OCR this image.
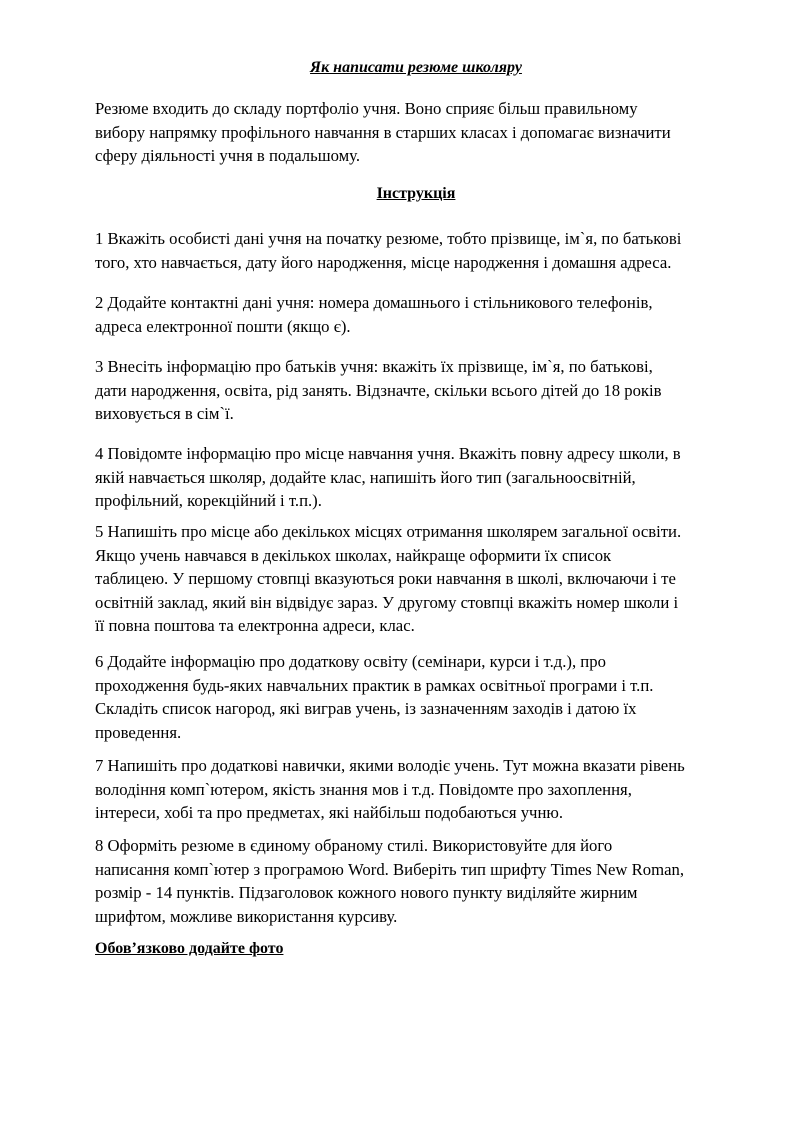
Як написати резюме школяру

Резюме входить до складу портфоліо учня. Воно сприяє більш правильному
вибору напрямку профільного навчання в старших класах і допомагає визначити
сферу діяльності учня в подальшому.

Інструкція

1 Вкажіть особисті дані учня на початку резюме, тобто прізвище, ім`я, по батькові
того, хто навчається, дату його народження, місце народження і домашня адреса.

2 Додайте контактні дані учня: номера домашнього і стільникового телефонів,
адреса електронної пошти (якщо є).

3 Внесіть інформацію про батьків учня: вкажіть їх прізвище, ім`я, по батькові,
дати народження, освіта, рід занять. Відзначте, скільки всього дітей до 18 років
виховується в сім`ї.

4 Повідомте інформацію про місце навчання учня. Вкажіть повну адресу школи, в
якій навчається школяр, додайте клас, напишіть його тип (загальноосвітній,
профільний, корекційний і т.п.).

5 Напишіть про місце або декількох місцях отримання школярем загальної освіти.
Якщо учень навчався в декількох школах, найкраще оформити їх список
таблицею. У першому стовпці вказуються роки навчання в школі, включаючи і те
освітній заклад, який він відвідує зараз. У другому стовпці вкажіть номер школи і
її повна поштова та електронна адреси, клас.

6 Додайте інформацію про додаткову освіту (семінари, курси і т.д.), про
проходження будь-яких навчальних практик в рамках освітньої програми і т.п.
Складіть список нагород, які виграв учень, із зазначенням заходів і датою їх
проведення.

7 Напишіть про додаткові навички, якими володіє учень. Тут можна вказати рівень
володіння комп`ютером, якість знання мов і т.д. Повідомте про захоплення,
інтереси, хобі та про предметах, які найбільш подобаються учню.

8 Оформіть резюме в єдиному обраному стилі. Використовуйте для його
написання комп`ютер з програмою Word. Виберіть тип шрифту Times New Roman,
розмір - 14 пунктів. Підзаголовок кожного нового пункту виділяйте жирним
шрифтом, можливе використання курсиву.

Обов’язково додайте фото
